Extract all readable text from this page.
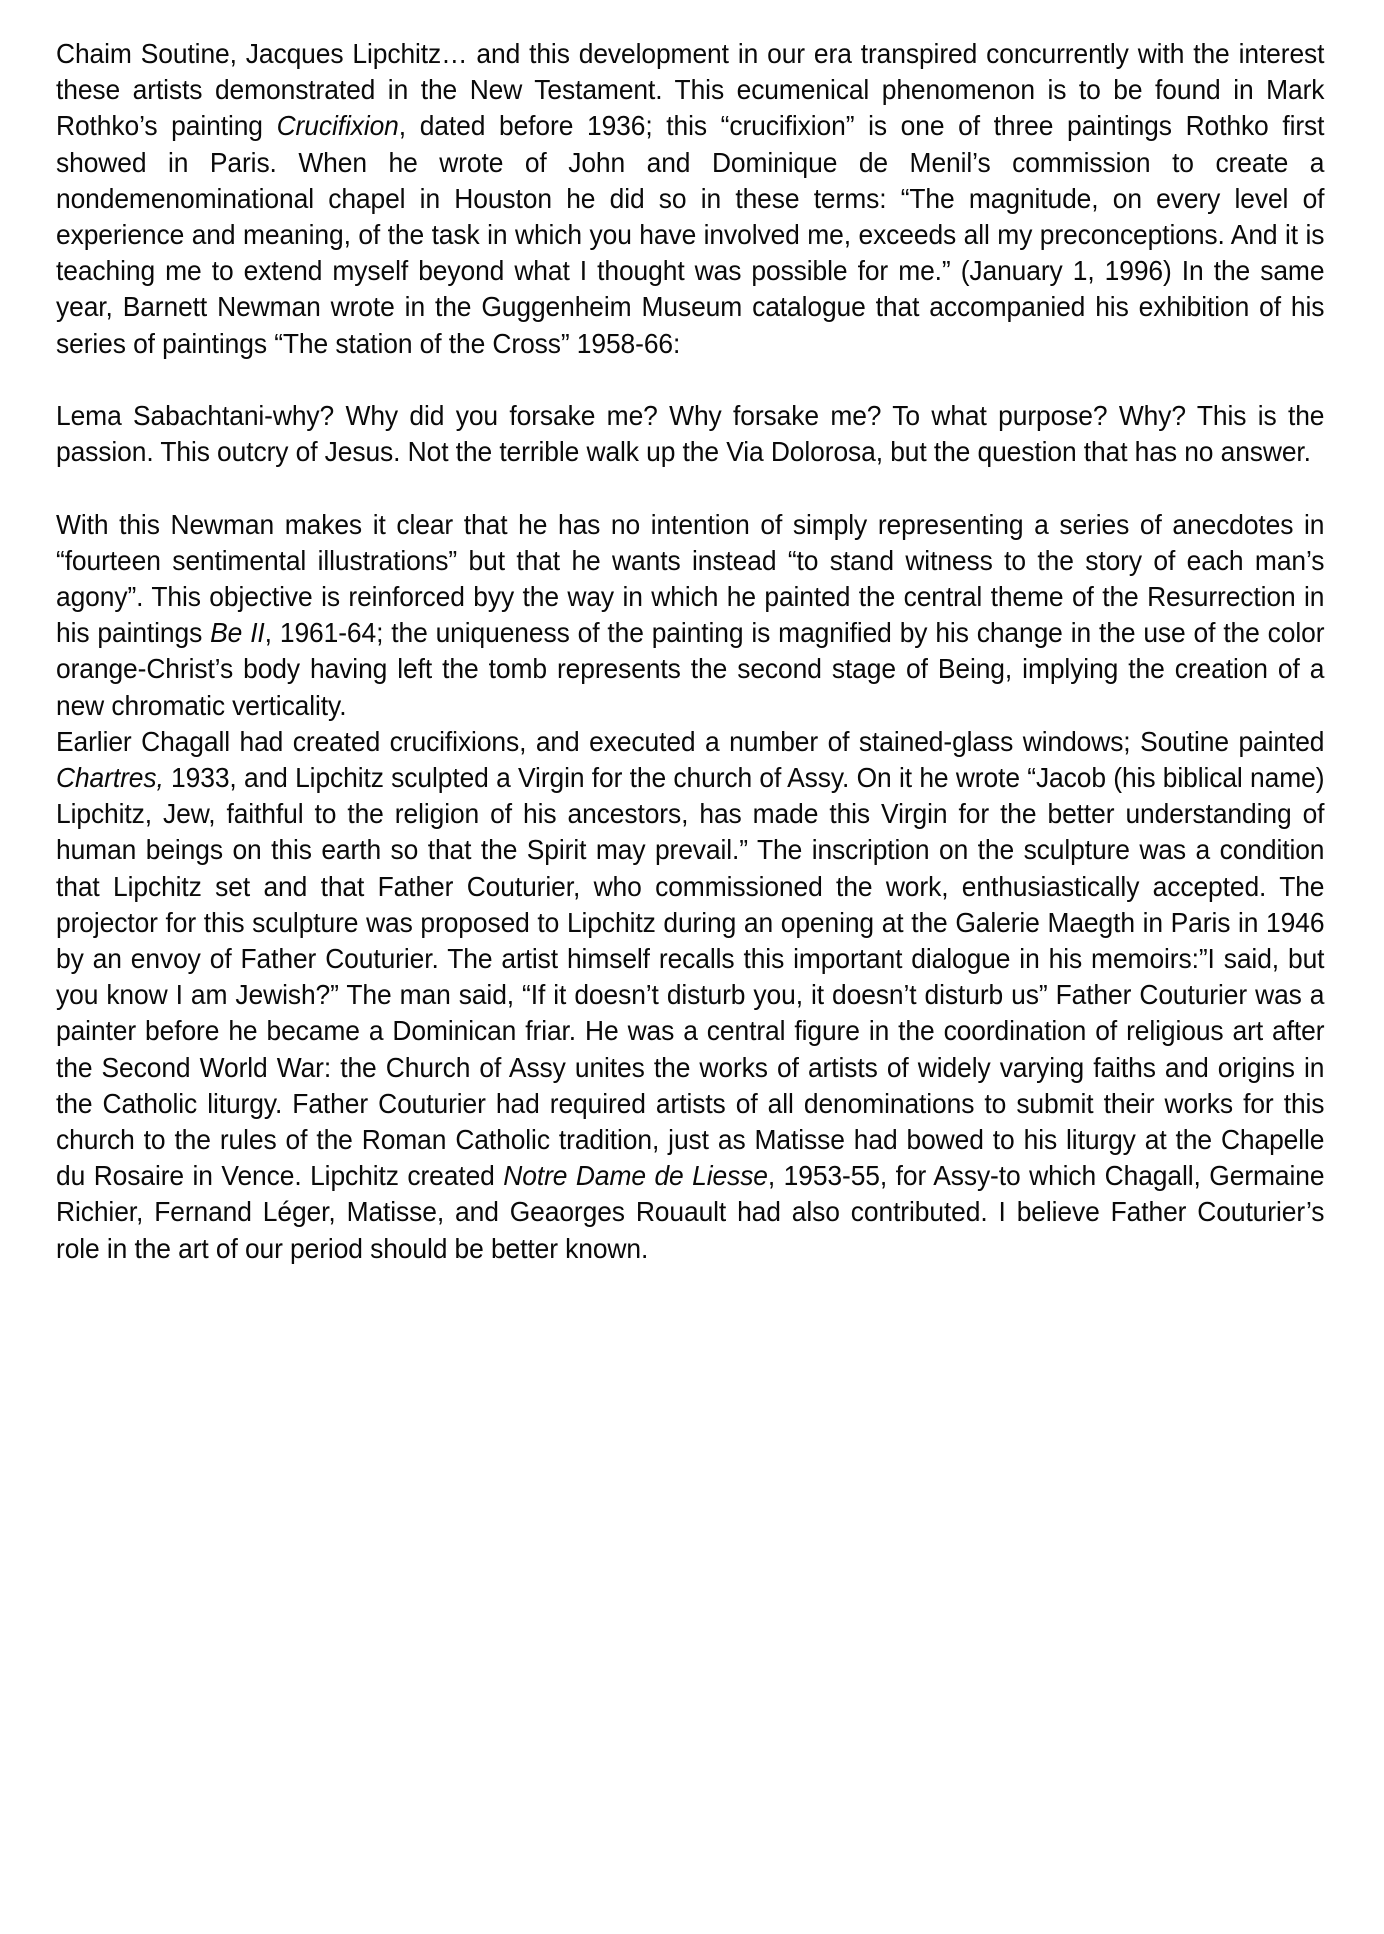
Chaim Soutine, Jacques Lipchitz… and this development in our era transpired concurrently with the interest these artists demonstrated in the New Testament. This ecumenical phenomenon is to be found in Mark Rothko’s painting Crucifixion, dated before 1936; this “crucifixion” is one of three paintings Rothko first showed in Paris. When he wrote of John and Dominique de Menil’s commission to create a nondemenominational chapel in Houston he did so in these terms: “The magnitude, on every level of experience and meaning, of the task in which you have involved me, exceeds all my preconceptions. And it is teaching me to extend myself beyond what I thought was possible for me.” (January 1, 1996) In the same year, Barnett Newman wrote in the Guggenheim Museum catalogue that accompanied his exhibition of his series of paintings “The station of the Cross” 1958-66:

Lema Sabachtani-why? Why did you forsake me? Why forsake me? To what purpose? Why? This is the passion. This outcry of Jesus. Not the terrible walk up the Via Dolorosa, but the question that has no answer.

With this Newman makes it clear that he has no intention of simply representing a series of anecdotes in “fourteen sentimental illustrations” but that he wants instead “to stand witness to the story of each man’s agony”. This objective is reinforced byy the way in which he painted the central theme of the Resurrection in his paintings Be II, 1961-64; the uniqueness of the painting is magnified by his change in the use of the color orange-Christ’s body having left the tomb represents the second stage of Being, implying the creation of a new chromatic verticality.

Earlier Chagall had created crucifixions, and executed a number of stained-glass windows; Soutine painted Chartres, 1933, and Lipchitz sculpted a Virgin for the church of Assy. On it he wrote “Jacob (his biblical name) Lipchitz, Jew, faithful to the religion of his ancestors, has made this Virgin for the better understanding of human beings on this earth so that the Spirit may prevail.” The inscription on the sculpture was a condition that Lipchitz set and that Father Couturier, who commissioned the work, enthusiastically accepted. The projector for this sculpture was proposed to Lipchitz during an opening at the Galerie Maegth in Paris in 1946 by an envoy of Father Couturier. The artist himself recalls this important dialogue in his memoirs:”I said, but you know I am Jewish?” The man said, “If it doesn’t disturb you, it doesn’t disturb us” Father Couturier was a painter before he became a Dominican friar. He was a central figure in the coordination of religious art after the Second World War: the Church of Assy unites the works of artists of widely varying faiths and origins in the Catholic liturgy. Father Couturier had required artists of all denominations to submit their works for this church to the rules of the Roman Catholic tradition, just as Matisse had bowed to his liturgy at the Chapelle du Rosaire in Vence. Lipchitz created Notre Dame de Liesse, 1953-55, for Assy-to which Chagall, Germaine Richier, Fernand Léger, Matisse, and Geaorges Rouault had also contributed. I believe Father Couturier’s role in the art of our period should be better known.
